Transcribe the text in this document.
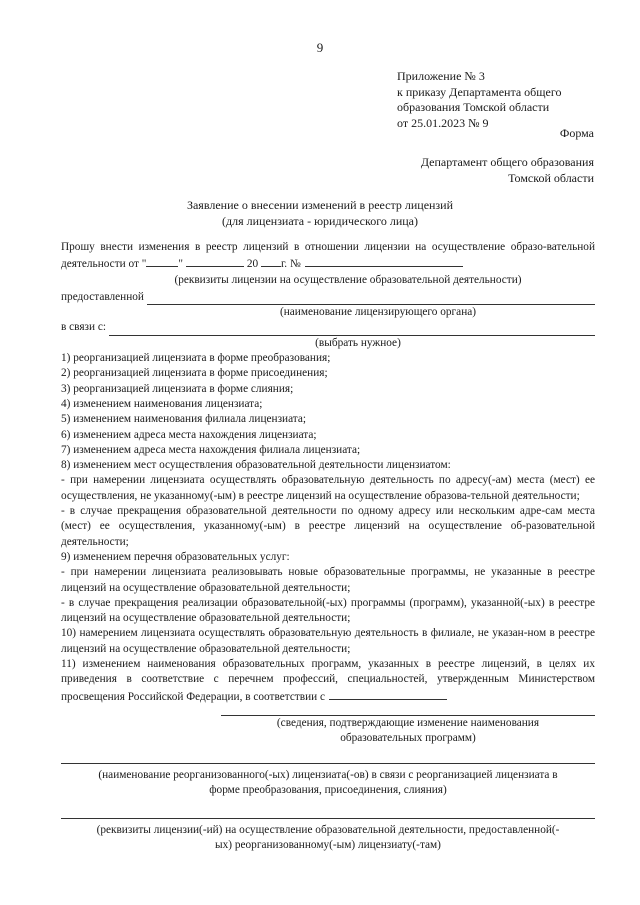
9
Приложение № 3
к приказу Департамента общего
образования Томской области
от 25.01.2023 № 9
Форма
Департамент общего образования
Томской области
Заявление о внесении изменений в реестр лицензий
(для лицензиата - юридического лица)
Прошу внести изменения в реестр лицензий в отношении лицензии на осуществление образо-вательной деятельности от "	"	20 г. №
(реквизиты лицензии на осуществление образовательной деятельности)
предоставленной
(наименование лицензирующего органа)
в связи с:
(выбрать нужное)
1) реорганизацией лицензиата в форме преобразования;
2) реорганизацией лицензиата в форме присоединения;
3) реорганизацией лицензиата в форме слияния;
4) изменением наименования лицензиата;
5) изменением наименования филиала лицензиата;
6) изменением адреса места нахождения лицензиата;
7) изменением адреса места нахождения филиала лицензиата;
8) изменением мест осуществления образовательной деятельности лицензиатом:
- при намерении лицензиата осуществлять образовательную деятельность по адресу(-ам) места (мест) ее осуществления, не указанному(-ым) в реестре лицензий на осуществление образова-тельной деятельности;
- в случае прекращения образовательной деятельности по одному адресу или нескольким адре-сам места (мест) ее осуществления, указанному(-ым) в реестре лицензий на осуществление об-разовательной деятельности;
9) изменением перечня образовательных услуг:
- при намерении лицензиата реализовывать новые образовательные программы, не указанные в реестре лицензий на осуществление образовательной деятельности;
- в случае прекращения реализации образовательной(-ых) программы (программ), указанной(-ых) в реестре лицензий на осуществление образовательной деятельности;
10) намерением лицензиата осуществлять образовательную деятельность в филиале, не указан-ном в реестре лицензий на осуществление образовательной деятельности;
11) изменением наименования образовательных программ, указанных в реестре лицензий, в целях их приведения в соответствие с перечнем профессий, специальностей, утвержденным Министерством просвещения Российской Федерации, в соответствии с
(сведения, подтверждающие изменение наименования
образовательных программ)
(наименование реорганизованного(-ых) лицензиата(-ов) в связи с реорганизацией лицензиата в
форме преобразования, присоединения, слияния)
(реквизиты лицензии(-ий) на осуществление образовательной деятельности, предоставленной(-
ых) реорганизованному(-ым) лицензиату(-там)
